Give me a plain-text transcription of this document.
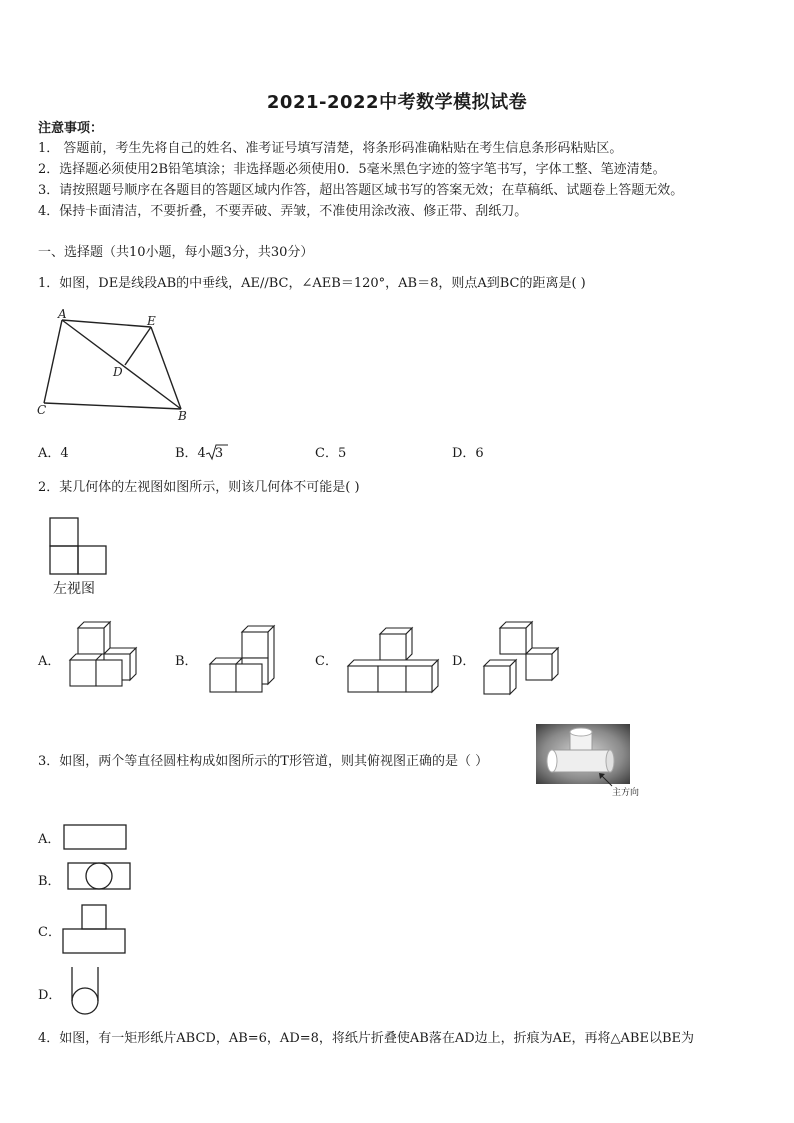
2021-2022中考数学模拟试卷
注意事项：
1． 答题前，考生先将自己的姓名、准考证号填写清楚，将条形码准确粘贴在考生信息条形码粘贴区。
2．选择题必须使用2B铅笔填涂；非选择题必须使用0．5毫米黑色字迹的签字笔书写，字体工整、笔迹清楚。
3．请按照题号顺序在各题目的答题区域内作答，超出答题区域书写的答案无效；在草稿纸、试题卷上答题无效。
4．保持卡面清洁，不要折叠，不要弄破、弄皱，不准使用涂改液、修正带、刮纸刀。
一、选择题（共10小题，每小题3分，共30分）
1．如图，DE是线段AB的中垂线，AE//BC，∠AEB＝120°，AB＝8，则点A到BC的距离是( )
A	E
D
C	B
A．4	B．4 3	C．5	D．6
2．某几何体的左视图如图所示，则该几何体不可能是( )
左视图
A．	B．	C．	D．
3．如图，两个等直径圆柱构成如图所示的T形管道，则其俯视图正确的是（ ）
主方向
A．
B．
C．
D．
4．如图，有一矩形纸片ABCD，AB=6，AD=8，将纸片折叠使AB落在AD边上，折痕为AE，再将△ABE以BE为
